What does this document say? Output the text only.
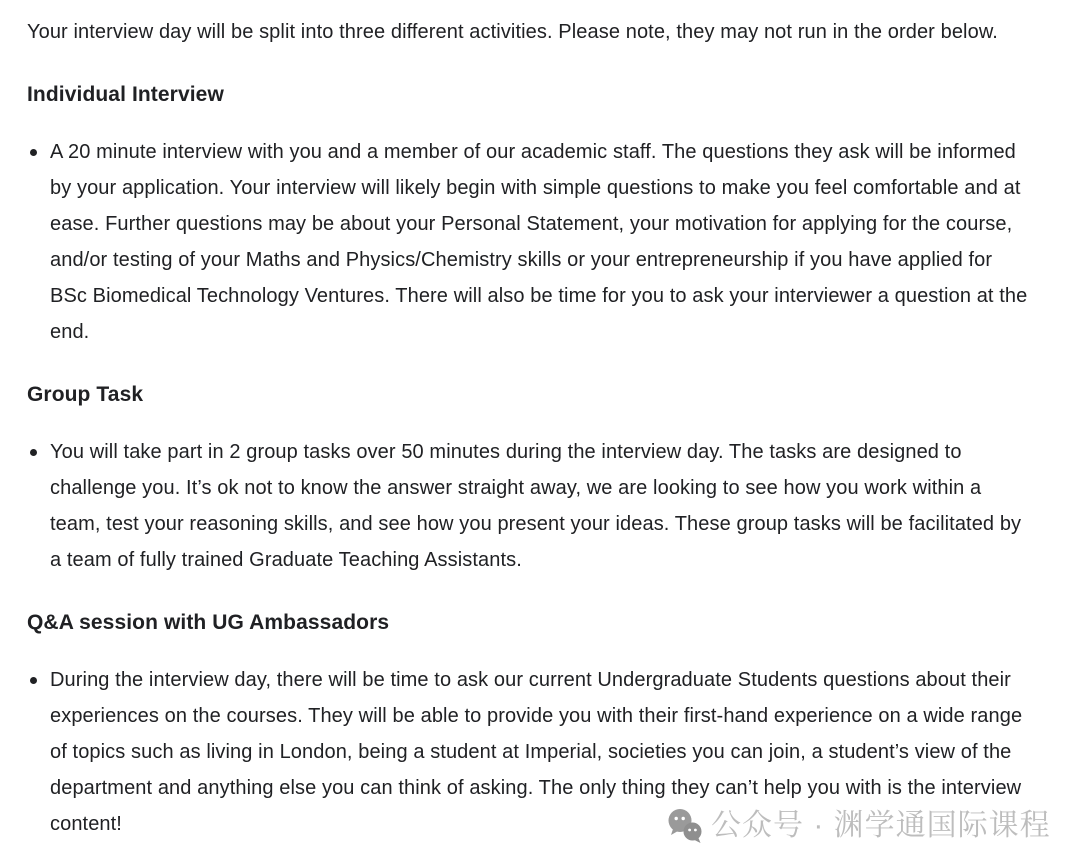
Your interview day will be split into three different activities. Please note, they may not run in the order below.

Individual Interview
A 20 minute interview with you and a member of our academic staff. The questions they ask will be informed by your application. Your interview will likely begin with simple questions to make you feel comfortable and at ease. Further questions may be about your Personal Statement, your motivation for applying for the course, and/or testing of your Maths and Physics/Chemistry skills or your entrepreneurship if you have applied for BSc Biomedical Technology Ventures. There will also be time for you to ask your interviewer a question at the end.
Group Task
You will take part in 2 group tasks over 50 minutes during the interview day. The tasks are designed to challenge you. It’s ok not to know the answer straight away, we are looking to see how you work within a team, test your reasoning skills, and see how you present your ideas. These group tasks will be facilitated by a team of fully trained Graduate Teaching Assistants.
Q&A session with UG Ambassadors
During the interview day, there will be time to ask our current Undergraduate Students questions about their experiences on the courses. They will be able to provide you with their first-hand experience on a wide range of topics such as living in London, being a student at Imperial, societies you can join, a student’s view of the department and anything else you can think of asking. The only thing they can’t help you with is the interview content!	公众号 · 渊学通国际课程
